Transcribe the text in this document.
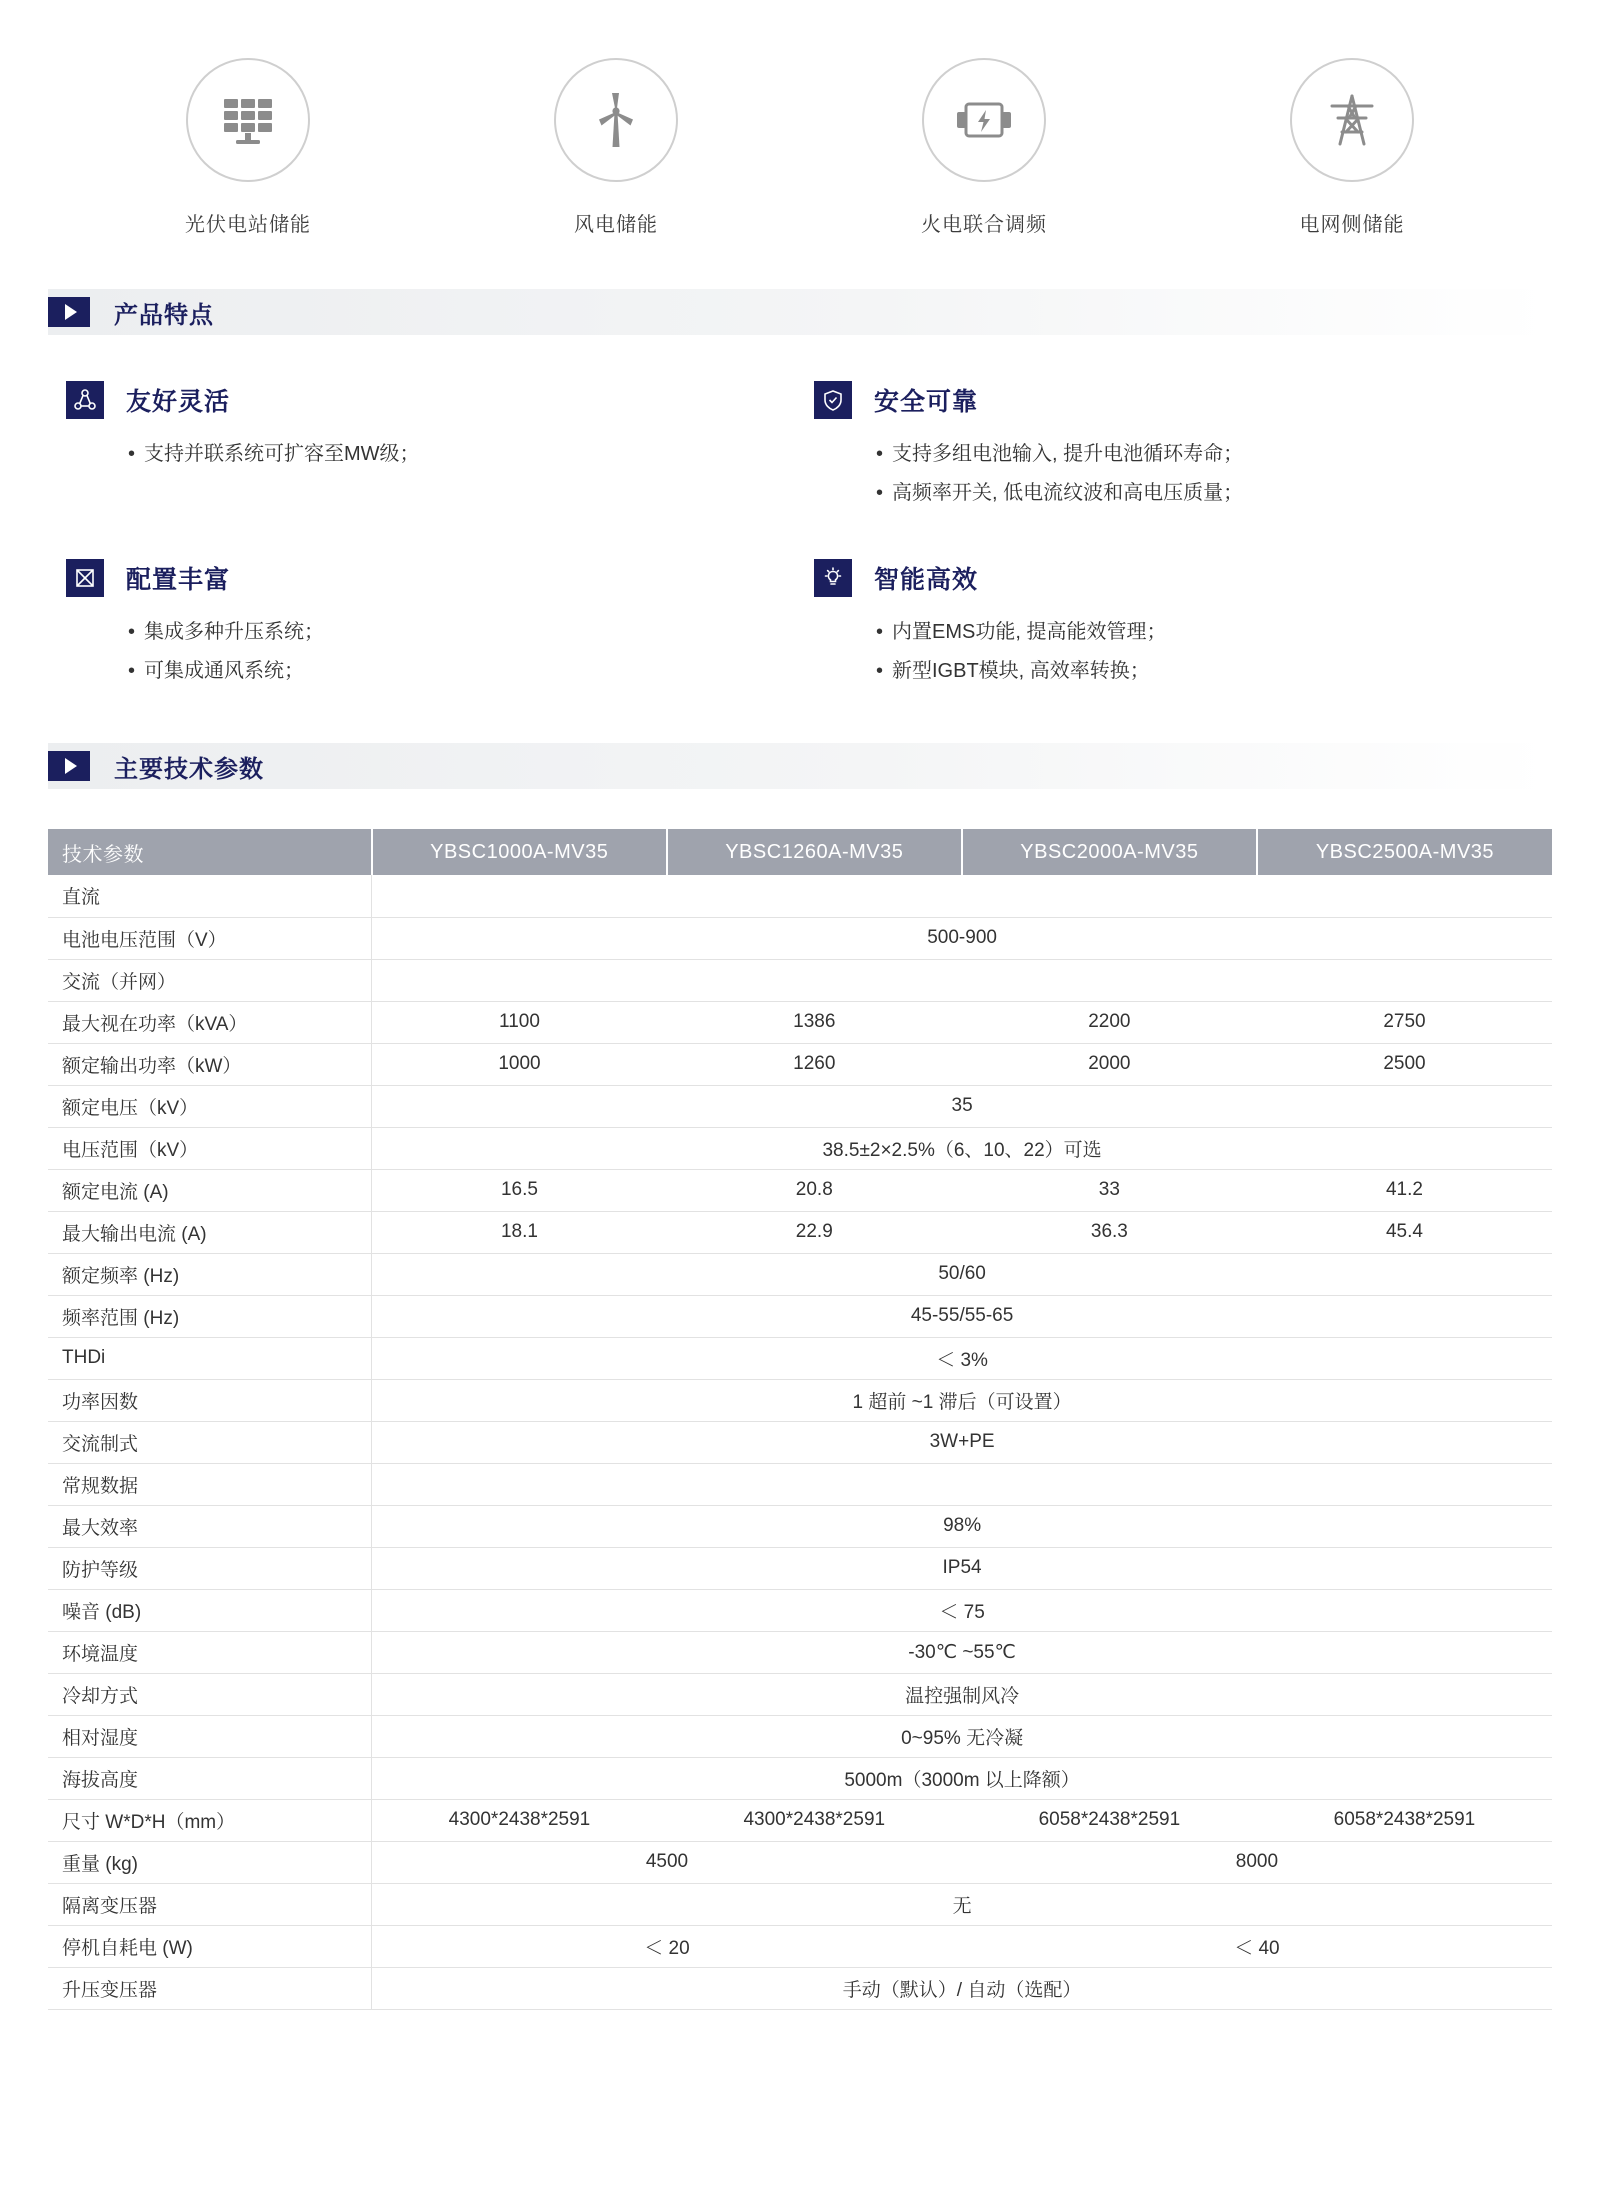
光伏电站储能	风电储能	火电联合调频	电网侧储能
产品特点
友好灵活
• 支持并联系统可扩容至MW级；
安全可靠
• 支持多组电池输入, 提升电池循环寿命；
• 高频率开关, 低电流纹波和高电压质量；
配置丰富
• 集成多种升压系统；
• 可集成通风系统；
智能高效
• 内置EMS功能, 提高能效管理；
• 新型IGBT模块, 高效率转换；
主要技术参数
技术参数	YBSC1000A-MV35	YBSC1260A-MV35	YBSC2000A-MV35	YBSC2500A-MV35
直流				
电池电压范围（V）	500-900			
交流（并网）				
最大视在功率（kVA）	1100	1386	2200	2750
额定输出功率（kW）	1000	1260	2000	2500
额定电压（kV）	35			
电压范围（kV）	38.5±2×2.5%（6、10、22）可选			
额定电流 (A)	16.5	20.8	33	41.2
最大输出电流 (A)	18.1	22.9	36.3	45.4
额定频率 (Hz)	50/60			
频率范围 (Hz)	45-55/55-65			
THDi	＜ 3%			
功率因数	1 超前 ~1 滞后（可设置）			
交流制式	3W+PE			
常规数据				
最大效率	98%			
防护等级	IP54			
噪音 (dB)	＜ 75			
环境温度	-30℃ ~55℃			
冷却方式	温控强制风冷			
相对湿度	0~95% 无冷凝			
海拔高度	5000m（3000m 以上降额）			
尺寸 W*D*H（mm）	4300*2438*2591	4300*2438*2591	6058*2438*2591	6058*2438*2591
重量 (kg)	4500		8000	
隔离变压器	无			
停机自耗电 (W)	＜ 20		＜ 40	
升压变压器	手动（默认）/ 自动（选配）			
